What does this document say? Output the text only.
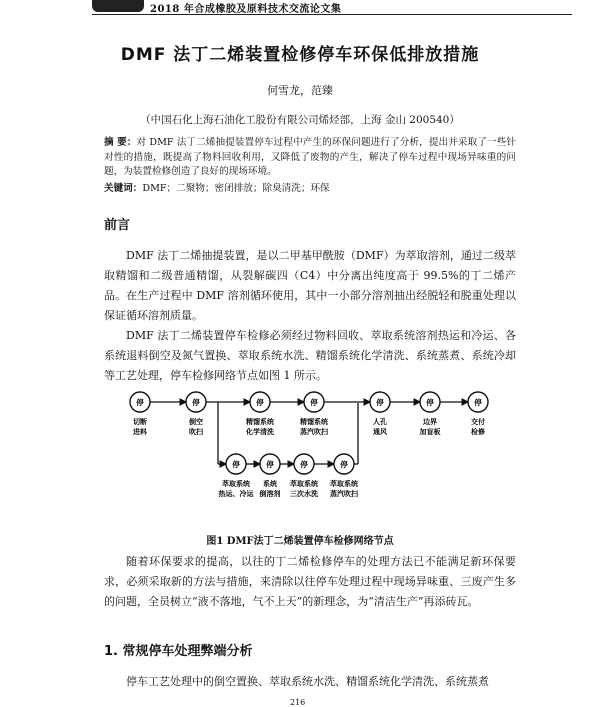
2018 年合成橡胶及原料技术交流论文集
DMF 法丁二烯装置检修停车环保低排放措施
何雪龙，范臻
（中国石化上海石油化工股份有限公司烯烃部，上海 金山 200540）
摘 要：对 DMF 法丁二烯抽提装置停车过程中产生的环保问题进行了分析，提出并采取了一些针对性的措施，既提高了物料回收利用，又降低了废物的产生，解决了停车过程中现场异味重的问题，为装置检修创造了良好的现场环境。
关键词：DMF；二聚物；密闭排放；除臭清洗；环保
前言
DMF 法丁二烯抽提装置，是以二甲基甲酰胺（DMF）为萃取溶剂，通过二级萃取精馏和二级普通精馏，从裂解碳四（C4）中分离出纯度高于 99.5%的丁二烯产品。在生产过程中 DMF 溶剂循环使用，其中一小部分溶剂抽出经脱轻和脱重处理以保证循环溶剂质量。
DMF 法丁二烯装置停车检修必须经过物料回收、萃取系统溶剂热运和冷运、各系统退料倒空及氮气置换、萃取系统水洗、精馏系统化学清洗、系统蒸煮、系统冷却等工艺处理，停车检修网络节点如图 1 所示。
停
切断
进料
停
倒空
吹扫
停
精馏系统
化学清洗
停
精馏系统
蒸汽吹扫
停
人孔
通风
停
边界
加盲板
停
交付
检修
停
萃取系统
热运、冷运
停
系统
倒溶剂
停
萃取系统
三次水洗
停
萃取系统
蒸汽吹扫
图1 DMF法丁二烯装置停车检修网络节点
随着环保要求的提高，以往的丁二烯检修停车的处理方法已不能满足新环保要求，必须采取新的方法与措施，来清除以往停车处理过程中现场异味重、三废产生多的问题，全员树立“液不落地，气不上天”的新理念，为“清洁生产”再添砖瓦。
1. 常规停车处理弊端分析
停车工艺处理中的倒空置换、萃取系统水洗、精馏系统化学清洗、系统蒸煮
216
